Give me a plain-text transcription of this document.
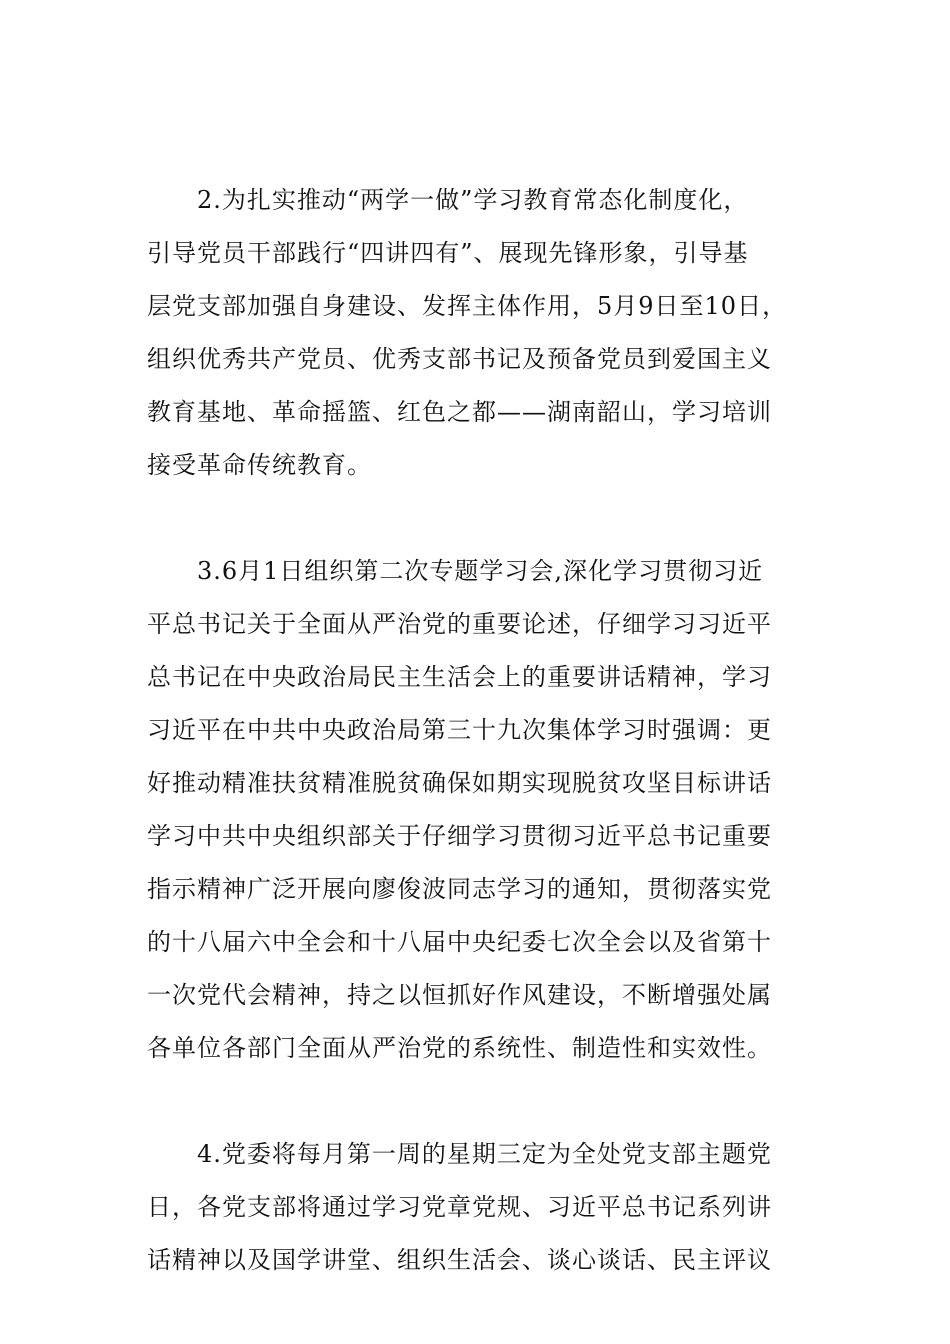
2.为扎实推动“两学一做”学习教育常态化制度化，
引导党员干部践行“四讲四有”、展现先锋形象，引导基
层党支部加强自身建设、发挥主体作用，5月9日至10日，
组织优秀共产党员、优秀支部书记及预备党员到爱国主义
教育基地、革命摇篮、红色之都——湖南韶山，学习培训
接受革命传统教育。
3.6月1日组织第二次专题学习会,深化学习贯彻习近
平总书记关于全面从严治党的重要论述，仔细学习习近平
总书记在中央政治局民主生活会上的重要讲话精神，学习
习近平在中共中央政治局第三十九次集体学习时强调：更
好推动精准扶贫精准脱贫确保如期实现脱贫攻坚目标讲话
学习中共中央组织部关于仔细学习贯彻习近平总书记重要
指示精神广泛开展向廖俊波同志学习的通知，贯彻落实党
的十八届六中全会和十八届中央纪委七次全会以及省第十
一次党代会精神，持之以恒抓好作风建设，不断增强处属
各单位各部门全面从严治党的系统性、制造性和实效性。
4.党委将每月第一周的星期三定为全处党支部主题党
日，各党支部将通过学习党章党规、习近平总书记系列讲
话精神以及国学讲堂、组织生活会、谈心谈话、民主评议
